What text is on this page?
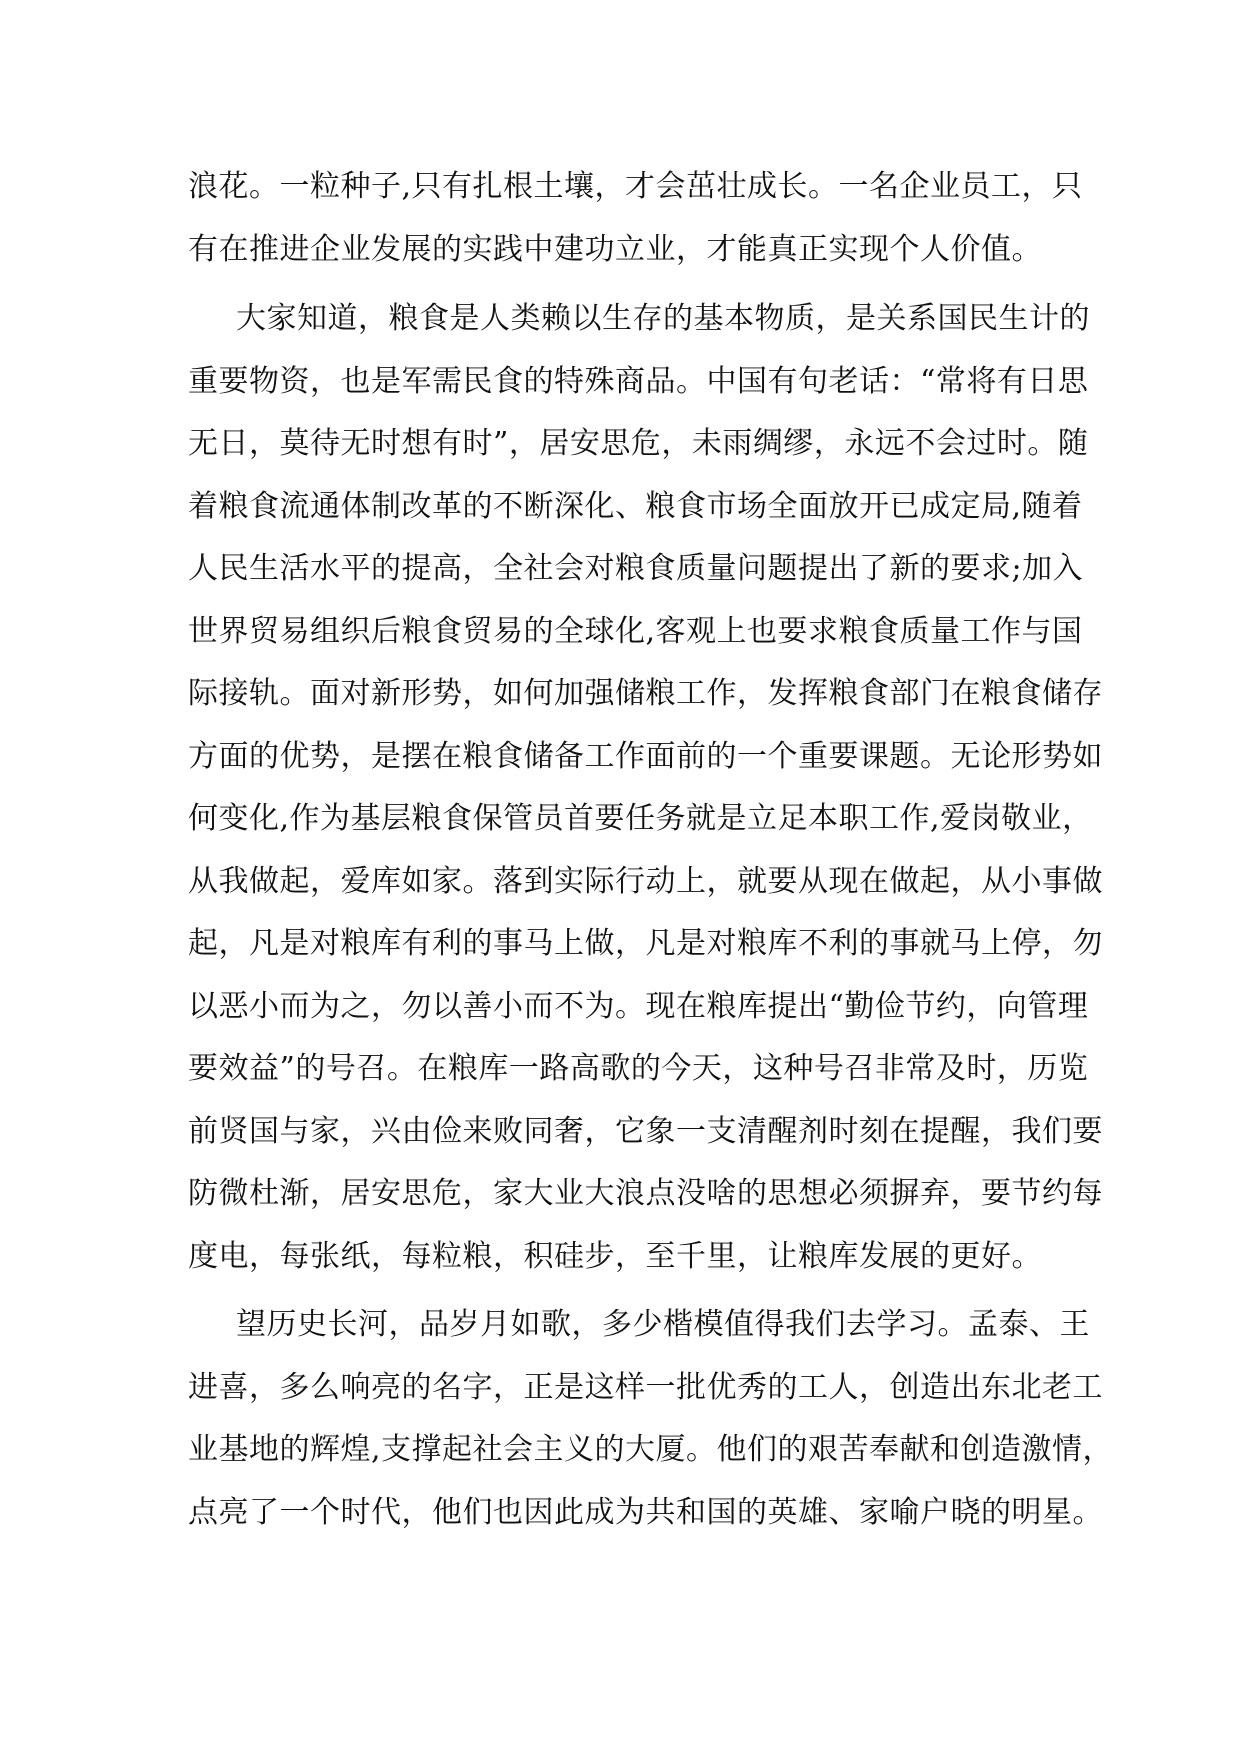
浪花。一粒种子,只有扎根土壤，才会茁壮成长。一名企业员工，只
有在推进企业发展的实践中建功立业，才能真正实现个人价值。

大家知道，粮食是人类赖以生存的基本物质，是关系国民生计的
重要物资，也是军需民食的特殊商品。中国有句老话：“常将有日思
无日，莫待无时想有时”，居安思危，未雨绸缪，永远不会过时。随
着粮食流通体制改革的不断深化、粮食市场全面放开已成定局,随着
人民生活水平的提高，全社会对粮食质量问题提出了新的要求;加入
世界贸易组织后粮食贸易的全球化,客观上也要求粮食质量工作与国
际接轨。面对新形势，如何加强储粮工作，发挥粮食部门在粮食储存
方面的优势，是摆在粮食储备工作面前的一个重要课题。无论形势如
何变化,作为基层粮食保管员首要任务就是立足本职工作,爱岗敬业，
从我做起，爱库如家。落到实际行动上，就要从现在做起，从小事做
起，凡是对粮库有利的事马上做，凡是对粮库不利的事就马上停，勿
以恶小而为之，勿以善小而不为。现在粮库提出“勤俭节约，向管理
要效益”的号召。在粮库一路高歌的今天，这种号召非常及时，历览
前贤国与家，兴由俭来败同奢，它象一支清醒剂时刻在提醒，我们要
防微杜渐，居安思危，家大业大浪点没啥的思想必须摒弃，要节约每
度电，每张纸，每粒粮，积硅步，至千里，让粮库发展的更好。

望历史长河，品岁月如歌，多少楷模值得我们去学习。孟泰、王
进喜，多么响亮的名字，正是这样一批优秀的工人，创造出东北老工
业基地的辉煌,支撑起社会主义的大厦。他们的艰苦奉献和创造激情，
点亮了一个时代，他们也因此成为共和国的英雄、家喻户晓的明星。
